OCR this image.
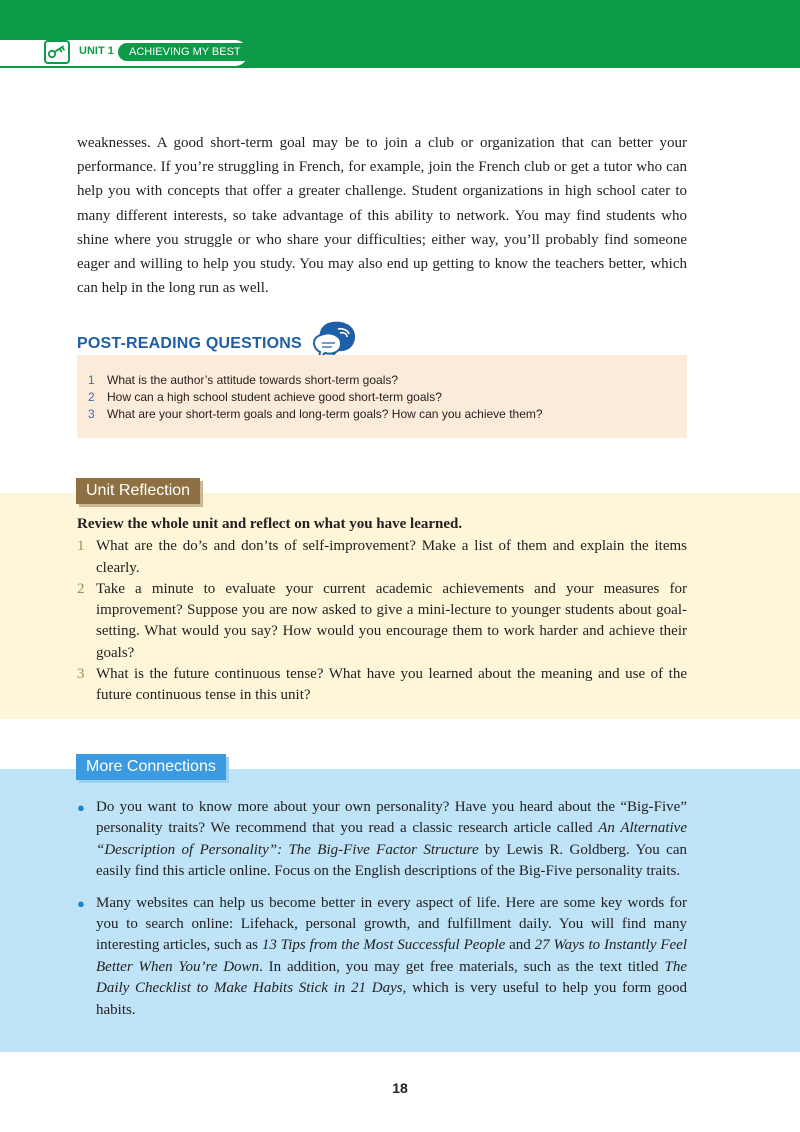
UNIT 1	ACHIEVING MY BEST

weaknesses. A good short-term goal may be to join a club or organization that can better your performance. If you’re struggling in French, for example, join the French club or get a tutor who can help you with concepts that offer a greater challenge. Student organizations in high school cater to many different interests, so take advantage of this ability to network. You may find students who shine where you struggle or who share your difficulties; either way, you’ll probably find someone eager and willing to help you study. You may also end up getting to know the teachers better, which can help in the long run as well.

POST-READING QUESTIONS
1	What is the author’s attitude towards short-term goals?
2	How can a high school student achieve good short-term goals?
3	What are your short-term goals and long-term goals? How can you achieve them?
Unit Reflection
Review the whole unit and reflect on what you have learned.
1 What are the do’s and don’ts of self-improvement? Make a list of them and explain the items clearly.
2 Take a minute to evaluate your current academic achievements and your measures for improvement? Suppose you are now asked to give a mini-lecture to younger students about goal-setting. What would you say? How would you encourage them to work harder and achieve their goals?
3 What is the future continuous tense? What have you learned about the meaning and use of the future continuous tense in this unit?
More Connections
● Do you want to know more about your own personality? Have you heard about the “Big-Five” personality traits? We recommend that you read a classic research article called An Alternative “Description of Personality”: The Big-Five Factor Structure by Lewis R. Goldberg. You can easily find this article online. Focus on the English descriptions of the Big-Five personality traits.
● Many websites can help us become better in every aspect of life. Here are some key words for you to search online: Lifehack, personal growth, and fulfillment daily. You will find many interesting articles, such as 13 Tips from the Most Successful People and 27 Ways to Instantly Feel Better When You’re Down. In addition, you may get free materials, such as the text titled The Daily Checklist to Make Habits Stick in 21 Days, which is very useful to help you form good habits.
18
